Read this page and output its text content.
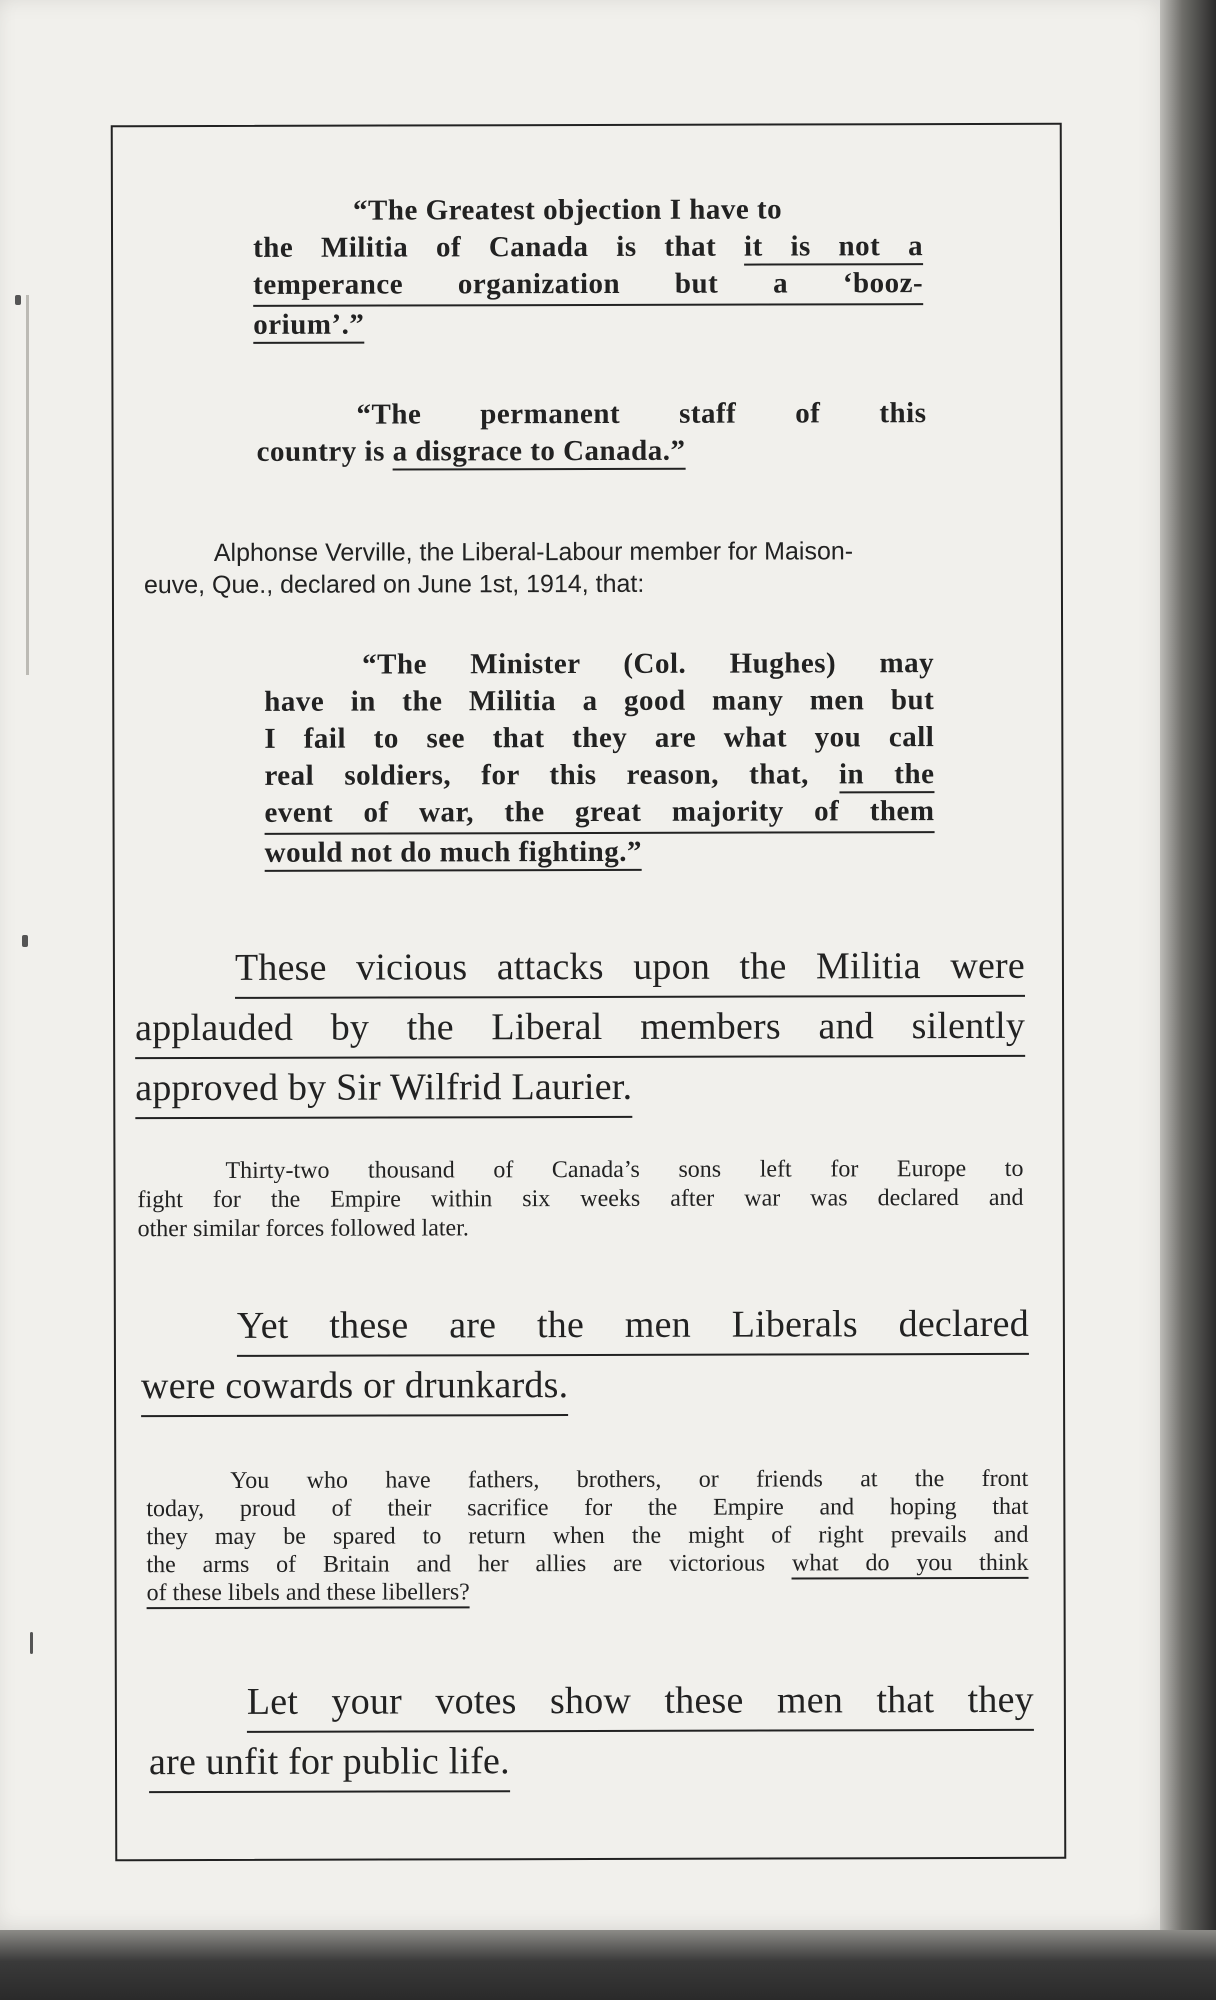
“The Greatest objection I have to
the Militia of Canada is that it is not a
temperance organization but a ‘booz-
orium’.”
“The permanent staff of this
country is a disgrace to Canada.”
Alphonse Verville, the Liberal-Labour member for Maison-
euve, Que., declared on June 1st, 1914, that:
“The Minister (Col. Hughes) may
have in the Militia a good many men but
I fail to see that they are what you call
real soldiers, for this reason, that, in the
event of war, the great majority of them
would not do much fighting.”
These vicious attacks upon the Militia were
applauded by the Liberal members and silently
approved by Sir Wilfrid Laurier.
Thirty-two thousand of Canada’s sons left for Europe to
fight for the Empire within six weeks after war was declared and
other similar forces followed later.
Yet these are the men Liberals declared
were cowards or drunkards.
You who have fathers, brothers, or friends at the front
today, proud of their sacrifice for the Empire and hoping that
they may be spared to return when the might of right prevails and
the arms of Britain and her allies are victorious what do you think
of these libels and these libellers?
Let your votes show these men that they
are unfit for public life.
